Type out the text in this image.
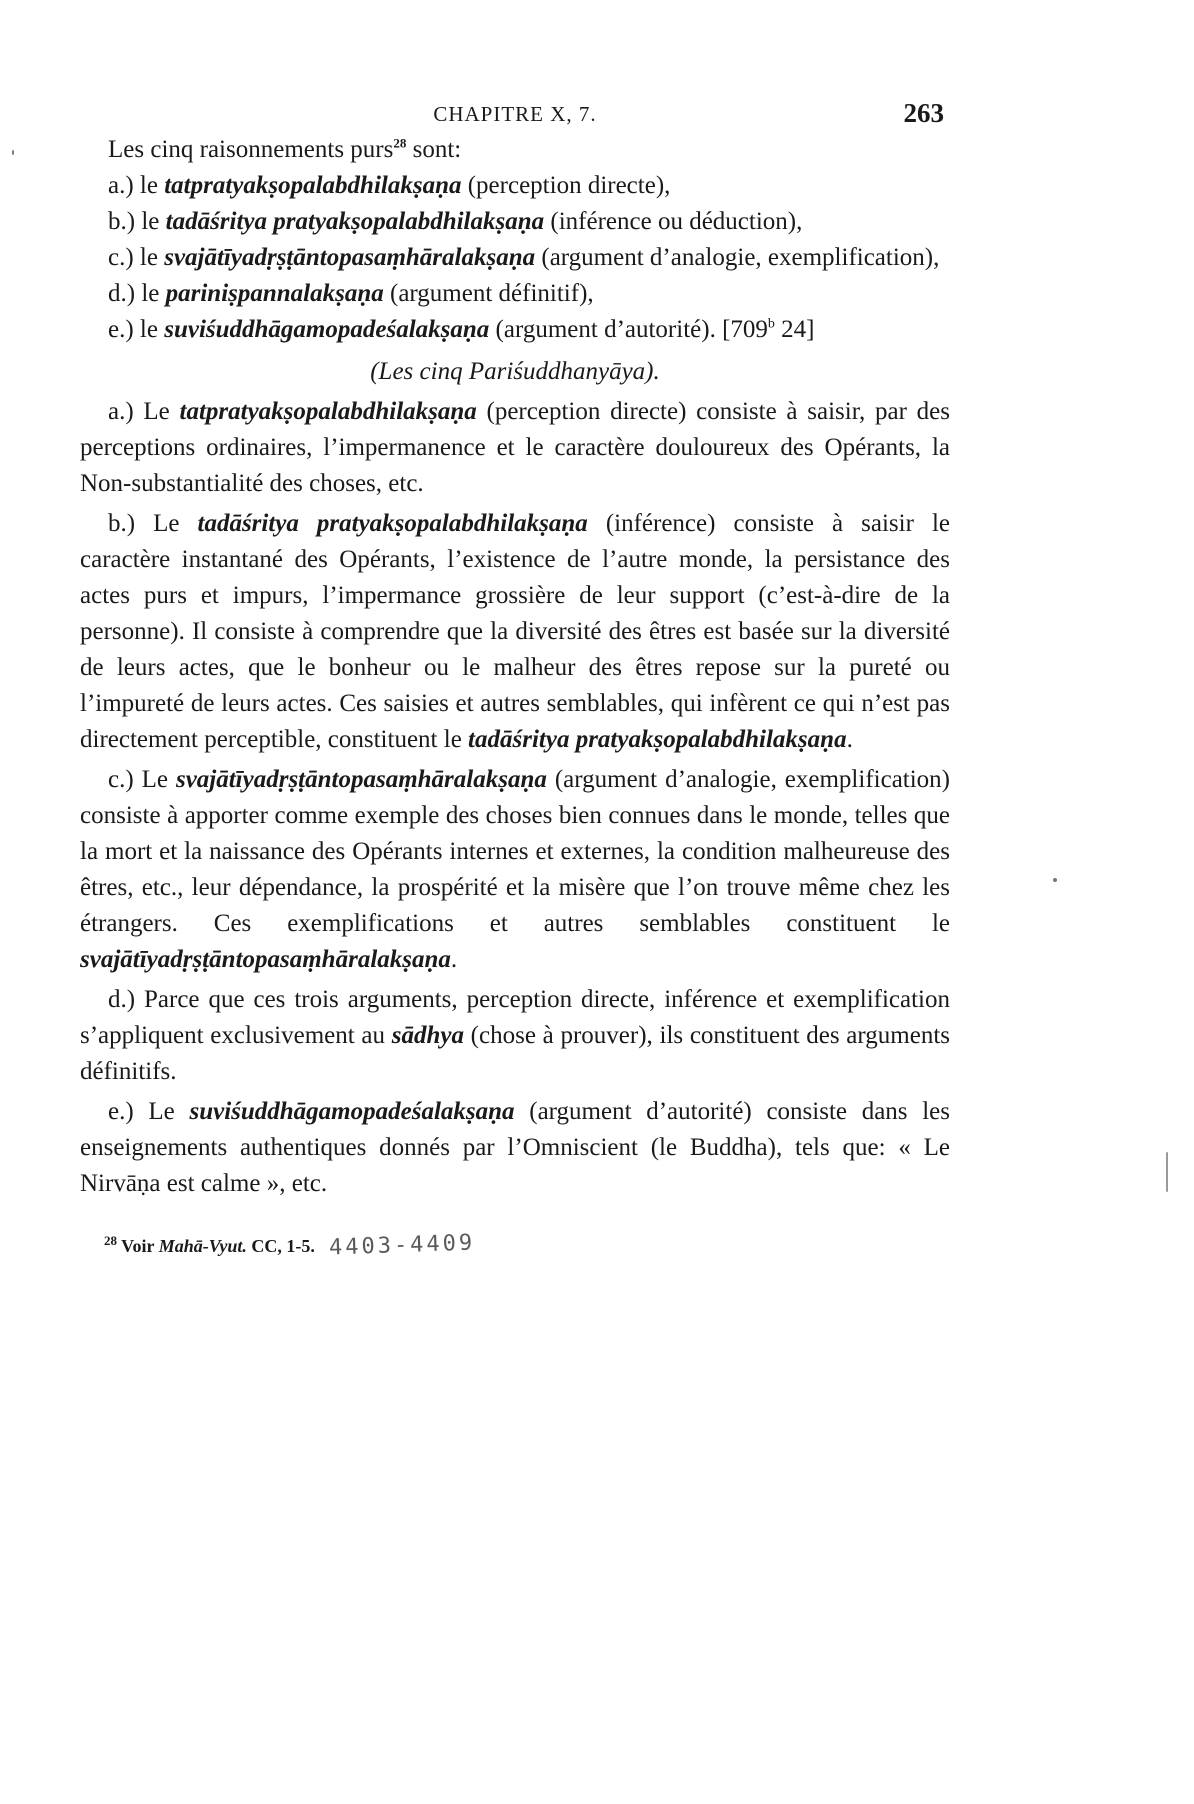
CHAPITRE X, 7.	263

Les cinq raisonnements purs$^{28}$ sont:

a.) le tatpratyakṣopalabdhilakṣaṇa (perception directe),

b.) le tadāśritya pratyakṣopalabdhilakṣaṇa (inférence ou déduction),

c.) le svajātīyadṛṣṭāntopasaṃhāralakṣaṇa (argument d’analogie, exemplification),

d.) le pariniṣpannalakṣaṇa (argument définitif),

e.) le suviśuddhāgamopadeśalakṣaṇa (argument d’autorité). [709$^b$ 24]

(Les cinq Pariśuddhanyāya).

a.) Le tatpratyakṣopalabdhilakṣaṇa (perception directe) consiste à saisir, par des perceptions ordinaires, l’impermanence et le caractère douloureux des Opérants, la Non-substantialité des choses, etc.

b.) Le tadāśritya pratyakṣopalabdhilakṣaṇa (inférence) consiste à saisir le caractère instantané des Opérants, l’existence de l’autre monde, la persistance des actes purs et impurs, l’impermance grossière de leur support (c’est-à-dire de la personne). Il consiste à comprendre que la diversité des êtres est basée sur la diversité de leurs actes, que le bonheur ou le malheur des êtres repose sur la pureté ou l’impureté de leurs actes. Ces saisies et autres semblables, qui infèrent ce qui n’est pas directement perceptible, constituent le tadāśritya pratyakṣopalabdhilakṣaṇa.

c.) Le svajātīyadṛṣṭāntopasaṃhāralakṣaṇa (argument d’analogie, exemplification) consiste à apporter comme exemple des choses bien connues dans le monde, telles que la mort et la naissance des Opérants internes et externes, la condition malheureuse des êtres, etc., leur dépendance, la prospérité et la misère que l’on trouve même chez les étrangers. Ces exemplifications et autres semblables constituent le svajātīyadṛṣṭāntopasaṃhāralakṣaṇa.

d.) Parce que ces trois arguments, perception directe, inférence et exemplification s’appliquent exclusivement au sādhya (chose à prouver), ils constituent des arguments définitifs.

e.) Le suviśuddhāgamopadeśalakṣaṇa (argument d’autorité) consiste dans les enseignements authentiques donnés par l’Omniscient (le Buddha), tels que: « Le Nirvāṇa est calme », etc.

$^{28}$ Voir Mahā-Vyut. CC, 1-5. 4403-4409
